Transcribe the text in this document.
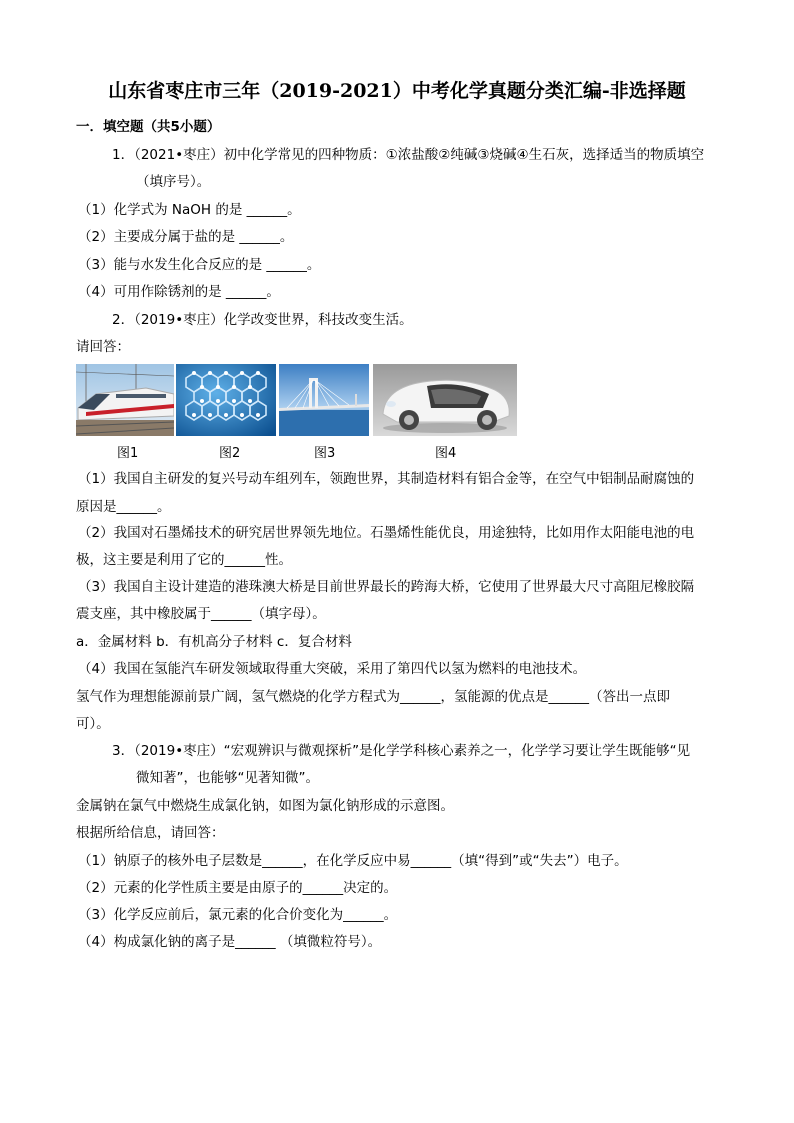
山东省枣庄市三年（2019-2021）中考化学真题分类汇编-非选择题
一．填空题（共5小题）
1．（2021•枣庄）初中化学常见的四种物质：①浓盐酸②纯碱③烧碱④生石灰，选择适当的物质填空
（填序号）。
（1）化学式为 NaOH 的是 ______。
（2）主要成分属于盐的是 ______。
（3）能与水发生化合反应的是 ______。
（4）可用作除锈剂的是 ______。
2．（2019•枣庄）化学改变世界，科技改变生活。
请回答：
图1	图2	图3	图4
（1）我国自主研发的复兴号动车组列车，领跑世界，其制造材料有铝合金等，在空气中铝制品耐腐蚀的
原因是______。
（2）我国对石墨烯技术的研究居世界领先地位。石墨烯性能优良，用途独特，比如用作太阳能电池的电
极，这主要是利用了它的______性。
（3）我国自主设计建造的港珠澳大桥是目前世界最长的跨海大桥，它使用了世界最大尺寸高阻尼橡胶隔
震支座，其中橡胶属于______（填字母）。
a．金属材料 b．有机高分子材料 c．复合材料
（4）我国在氢能汽车研发领域取得重大突破，采用了第四代以氢为燃料的电池技术。
氢气作为理想能源前景广阔，氢气燃烧的化学方程式为______，氢能源的优点是______（答出一点即
可）。
3．（2019•枣庄）“宏观辨识与微观探析”是化学学科核心素养之一，化学学习要让学生既能够“见
微知著”，也能够“见著知微”。
金属钠在氯气中燃烧生成氯化钠，如图为氯化钠形成的示意图。
根据所给信息，请回答：
（1）钠原子的核外电子层数是______，在化学反应中易______（填“得到”或“失去”）电子。
（2）元素的化学性质主要是由原子的______决定的。
（3）化学反应前后，氯元素的化合价变化为______。
（4）构成氯化钠的离子是______ （填微粒符号）。
